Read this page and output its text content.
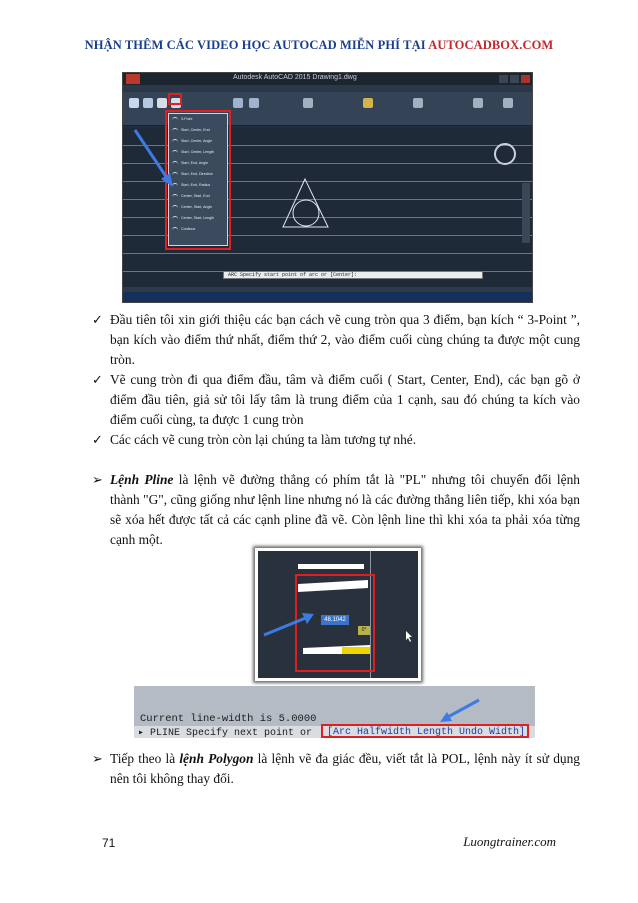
NHẬN THÊM CÁC VIDEO HỌC AUTOCAD MIỄN PHÍ TẠI AUTOCADBOX.COM
Autodesk AutoCAD 2015 Drawing1.dwg
3-Point
Start, Center, End
Start, Center, Angle
Start, Center, Length
Start, End, Angle
Start, End, Direction
Start, End, Radius
Center, Start, End
Center, Start, Angle
Center, Start, Length
Continue
ARC Specify start point of arc or [Center]:
✓ Đầu tiên tôi xin giới thiệu các bạn cách vẽ cung tròn qua 3 điểm, bạn kích “ 3-Point ”, bạn kích vào điểm thứ nhất, điểm thứ 2, vào điểm cuối cùng chúng ta được một cung tròn.
✓ Vẽ cung tròn đi qua điểm đầu, tâm và điểm cuối ( Start, Center, End), các bạn gõ ở điểm đầu tiên, giả sử tôi lấy tâm là trung điểm của 1 cạnh, sau đó chúng ta kích vào điểm cuối cùng, ta được 1 cung tròn
✓ Các cách vẽ cung tròn còn lại chúng ta làm tương tự nhé.
➢ Lệnh Pline là lệnh vẽ đường thẳng có phím tắt là "PL" nhưng tôi chuyển đổi lệnh thành "G", cũng giống như lệnh line nhưng nó là các đường thẳng liên tiếp, khi xóa bạn sẽ xóa hết được tất cả các cạnh pline đã vẽ. Còn lệnh line thì khi xóa ta phải xóa từng cạnh một.
48.1042
0°
Current line-width is 5.0000
▸ PLINE Specify next point or [Arc Halfwidth Length Undo Width]:
➢ Tiếp theo là lệnh Polygon là lệnh vẽ đa giác đều, viết tắt là POL, lệnh này ít sử dụng nên tôi không thay đổi.
71	Luongtrainer.com
